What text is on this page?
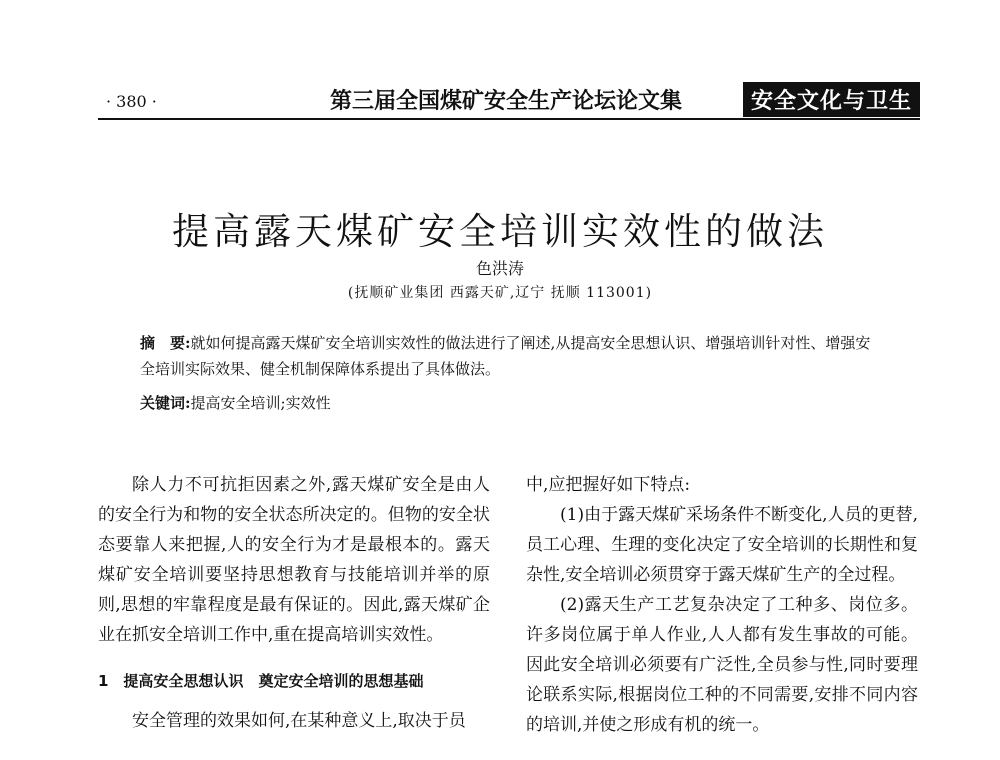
· 380 ·	第三届全国煤矿安全生产论坛论文集	安全文化与卫生
提高露天煤矿安全培训实效性的做法
色洪涛
(抚顺矿业集团 西露天矿,辽宁 抚顺 113001)
摘　要:就如何提高露天煤矿安全培训实效性的做法进行了阐述,从提高安全思想认识、增强培训针对性、增强安全培训实际效果、健全机制保障体系提出了具体做法。
关键词:提高安全培训;实效性

除人力不可抗拒因素之外,露天煤矿安全是由人的安全行为和物的安全状态所决定的。但物的安全状态要靠人来把握,人的安全行为才是最根本的。露天煤矿安全培训要坚持思想教育与技能培训并举的原则,思想的牢靠程度是最有保证的。因此,露天煤矿企业在抓安全培训工作中,重在提高培训实效性。

1　提高安全思想认识　奠定安全培训的思想基础

安全管理的效果如何,在某种意义上,取决于员

中,应把握好如下特点:

(1)由于露天煤矿采场条件不断变化,人员的更替,员工心理、生理的变化决定了安全培训的长期性和复杂性,安全培训必须贯穿于露天煤矿生产的全过程。

(2)露天生产工艺复杂决定了工种多、岗位多。许多岗位属于单人作业,人人都有发生事故的可能。因此安全培训必须要有广泛性,全员参与性,同时要理论联系实际,根据岗位工种的不同需要,安排不同内容的培训,并使之形成有机的统一。
